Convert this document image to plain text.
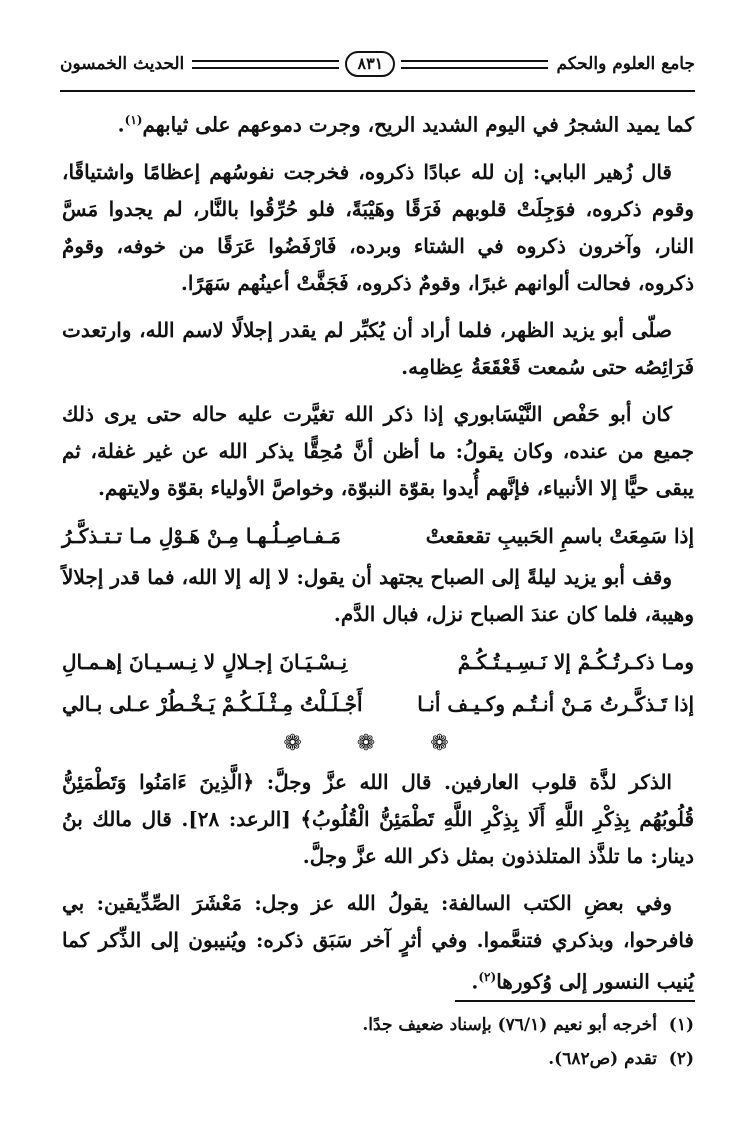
جامع العلوم والحكم
٨٣١
الحديث الخمسون

كما يميد الشجرُ في اليوم الشديد الريح، وجرت دموعهم على ثيابهم$^{(١)}$.

قال زُهير البابي: إن لله عبادًا ذكروه، فخرجت نفوسُهم إعظامًا واشتياقًا، وقوم ذكروه، فوَجِلَتْ قلوبهم فَرَقًا وهَيْبَةً، فلو حُرِّقُوا بالنَّار، لم يجدوا مَسَّ النار، وآخرون ذكروه في الشتاء وبرده، فَارْفَضُوا عَرَقًا من خوفه، وقومٌ ذكروه، فحالت ألوانهم غبرًا، وقومٌ ذكروه، فَجَفَّتْ أعينُهم سَهَرًا.

صلّى أبو يزيد الظهر، فلما أراد أن يُكبِّر لم يقدر إجلالًا لاسم الله، وارتعدت فَرَائِصُه حتى سُمعت قَعْقَعَةُ عِظامِه.

كان أبو حَفْص النَّيْسَابوري إذا ذكر الله تغيَّرت عليه حاله حتى يرى ذلك جميع من عنده، وكان يقولُ: ما أظن أنَّ مُحِقًّا يذكر الله عن غير غفلة، ثم يبقى حيًّا إلا الأنبياء، فإنَّهم أُيدوا بقوّة النبوّة، وخواصَّ الأولياء بقوّة ولايتهم.

إذا سَمِعَتْ باسمِ الحَبيبِ تقعقعتْ
مَـفـاصِـلُـهـا مِـنْ هَـوْلِ مـا تـتـذكَّـرُ

وقف أبو يزيد ليلةً إلى الصباح يجتهد أن يقول: لا إله إلا الله، فما قدر إجلالاً وهيبة، فلما كان عندَ الصباح نزل، فبال الدَّم.

ومـا ذكـرتُـكُـمْ إلا نَـسِـيـتُـكُـمْ
نِـسْـيَـانَ إجـلالٍ لا نِـسـيـانَ إهـمـالِ
إذا تَـذكَّـرتُ مَـنْ أنـتُـم وكـيـف أنـا
أَجْـلَـلْتُ مِـثْـلَـكُـمْ يَـخْـطُرْ عـلى بـالي
❁ ❁ ❁

الذكر لذَّة قلوب العارفين. قال الله عزَّ وجلَّ: ﴿الَّذِينَ ءَامَنُوا وَتَطْمَئِنُّ قُلُوبُهُم بِذِكْرِ اللَّهِ أَلَا بِذِكْرِ اللَّهِ تَطْمَئِنُّ الْقُلُوبُ﴾ [الرعد: ٢٨]. قال مالك بنُ دينار: ما تلذَّذ المتلذذون بمثل ذكر الله عزَّ وجلَّ.

وفي بعضِ الكتب السالفة: يقولُ الله عز وجل: مَعْشَرَ الصِّدِّيقين: بي فافرحوا، وبذكري فتنعَّموا. وفي أثرٍ آخر سَبَق ذكره: ويُنيبون إلى الذِّكر كما يُنيب النسور إلى وُكورها$^{(٢)}$.

(١)  أخرجه أبو نعيم (٧٦/١) بإسناد ضعيف جدًا.
(٢)  تقدم (ص٦٨٢).
